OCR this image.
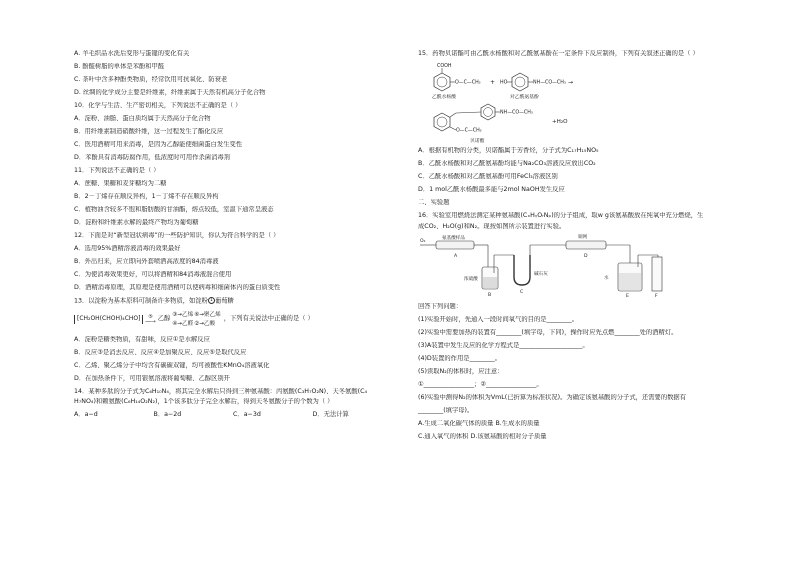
A. 羊毛织品水洗后变形与蛋键的变化有关
B. 酚醛树脂的单体是苯酚和甲醛
C. 茶叶中含多种酚类物质，经常饮用可抗氧化、防衰老
D. 丝绸的化学成分主要是纤维素，纤维素属于天然有机高分子化合物
10．化学与生活、生产密切相关，下列说法不正确的是（ ）
A．淀粉、油脂、蛋白质均属于天然高分子化合物
B．用纤维素制造硝酸纤维，这一过程发生了酯化反应
C．医用酒精可用来消毒，是因为乙醇能使细菌蛋白发生变性
D．苯酚具有消毒防腐作用，低浓度时可用作杀菌消毒剂
11．下列说法不正确的是（ ）
A．蔗糖、果糖和麦芽糖均为二糖
B．2－丁烯存在顺反异构，1－丁烯不存在顺反异构
C．植物油含较多不饱和脂肪酸的甘油酯，熔点较低，室温下通常呈液态
D．淀粉和纤维素水解的最终产物均为葡萄糖
12．下面是对“新型冠状病毒”的一些防护知识，你认为符合科学的是（ ）
A．选用95%酒精溶液消毒的效果最好
B．外出归来，应立即向外套喷洒高浓度的84消毒液
C．为使消毒效果更好，可以将酒精和84消毒液混合使用
D．酒精消毒原理，其原理是使用酒精可以使病毒和细菌体内的蛋白质变性
13．以淀粉为基本原料可制备许多物质，如淀粉 1 葡萄糖
[CH₂OH(CHOH)₄CHO]	⑤
──→ 乙醇
③→乙烯⑥→聚乙烯
④→乙醛②→乙酸
，下列有关说法中正确的是（ ）
A．淀粉是糖类物质，有甜味，反应①是水解反应
B．反应③是消去反应、反应④是加聚反应、反应⑤是取代反应
C．乙烯、聚乙烯分子中均含有碳碳双键，均可被酸性KMnO₄溶液氧化
D．在加热条件下，可用银氨溶液将葡萄糖、乙醇区别开
14．某种多肽的分子式为C₆H₁₀N₄，将其完全水解后只得到三种氨基酸：丙氨酸(C₃H₇O₂N)、天冬氨酸(C₄
H₇NO₄)和赖氨酸(C₆H₁₄O₂N₂)，1个该多肽分子完全水解后，得到天冬氨酸分子的个数为（ ）
A．a−d	B．a−2d	C．a−3d	D．无法计算
15．药物贝诺酯可由乙酰水杨酸和对乙酰氨基酚在一定条件下反应制得，下列有关叙述正确的是（ ）
COOH
O—C—CH₃
乙酰水杨酸
+ HO	NH—CO—CH₃
对乙酰氨基酚
→
O—C—CH₃
NH—CO—CH₃
+H₂O
贝诺酯
A．根据有机物的分类，贝诺酯属于芳香烃，分子式为C₁₇H₁₅NO₅
B．乙酰水杨酸和对乙酰氨基酚均能与Na₂CO₃溶液反应放出CO₂
C．乙酰水杨酸和对乙酰氨基酚可用FeCl₃溶液区别
D．1 mol乙酰水杨酸最多能与2mol NaOH发生反应
二、实验题
16．实验室用燃烧法测定某种氨基酸(CₓHᵧOᵣNₚ)的分子组成，取w g该氨基酸放在纯氧中充分燃烧，生
成CO₂、H₂O(g)和N₂。现按如图所示装置进行实验。
O₂
氨基酸样品
A
浓硫酸
B
碱石灰
C
铜网
D
水
E	F
回答下列问题：
(1)实验开始时，先通入一段时间氧气的目的是________。
(2)实验中需要加热的装置有________(填字母，下同)，操作时应先点燃________处的酒精灯。
(3)A装置中发生反应的化学方程式是____________________。
(4)D装置的作用是________。
(5)读取N₂的体积时，应注意：
①________________；②________________。
(6)实验中测得N₂的体积为VmL(已折算为标准状况)。为确定该氨基酸的分子式，还需要的数据有
________(填字母)。
A.生成二氧化碳气体的质量 B.生成水的质量
C.通入氧气的体积 D.该氨基酸的相对分子质量
